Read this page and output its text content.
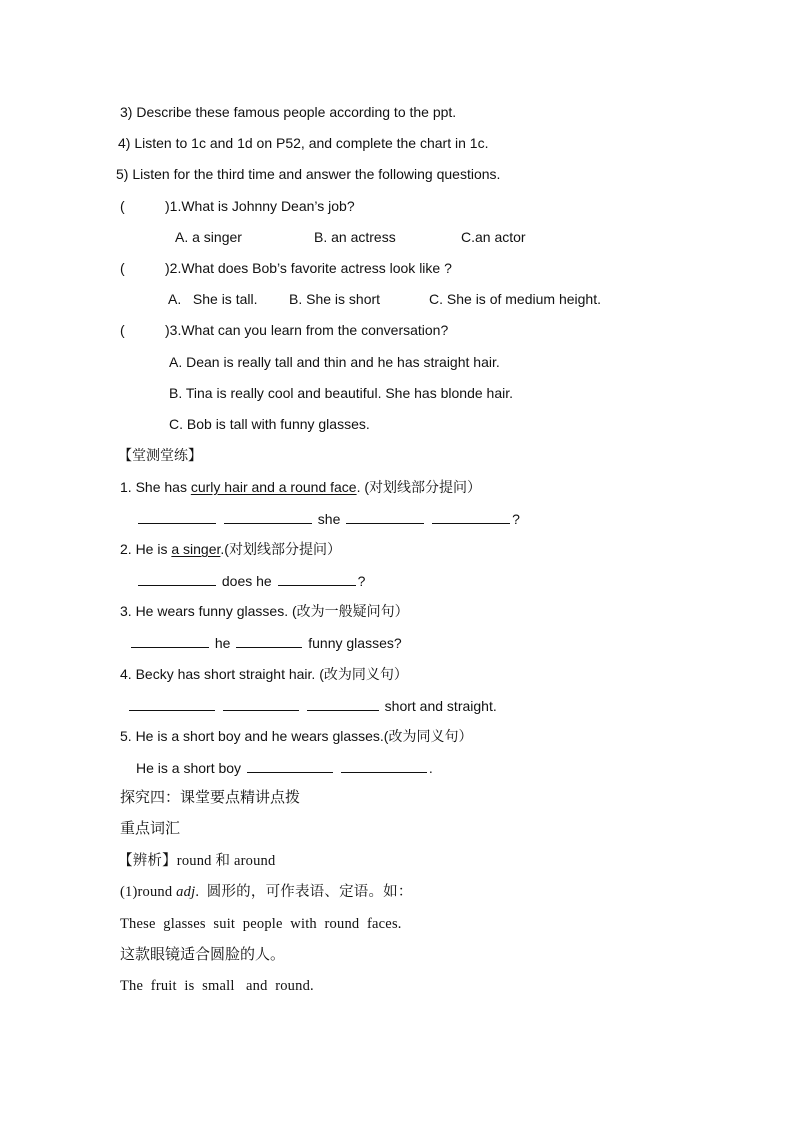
3) Describe these famous people according to the ppt.
4) Listen to 1c and 1d on P52, and complete the chart in 1c.
5) Listen for the third time and answer the following questions.
(	)1.What is Johnny Dean’s job?
A. a singer	B. an actress	C.an actor
(	)2.What does Bob’s favorite actress look like ?
A.   She is tall. B. She is short	C. She is of medium height.
(	)3.What can you learn from the conversation?
A. Dean is really tall and thin and he has straight hair.
B. Tina is really cool and beautiful. She has blonde hair.
C. Bob is tall with funny glasses.
【堂测堂练】
1. She has curly hair and a round face. (对划线部分提问）
she	?
2. He is a singer.(对划线部分提问）
does he	?
3. He wears funny glasses. (改为一般疑问句）
he	funny glasses?
4. Becky has short straight hair. (改为同义句）
short and straight.
5. He is a short boy and he wears glasses.(改为同义句）
He is a short boy	.
探究四：课堂要点精讲点拨
重点词汇
【辨析】round 和 around
(1)round adj.  圆形的，可作表语、定语。如：
These  glasses  suit  people  with  round  faces.
这款眼镜适合圆脸的人。
The  fruit  is  small   and  round.
